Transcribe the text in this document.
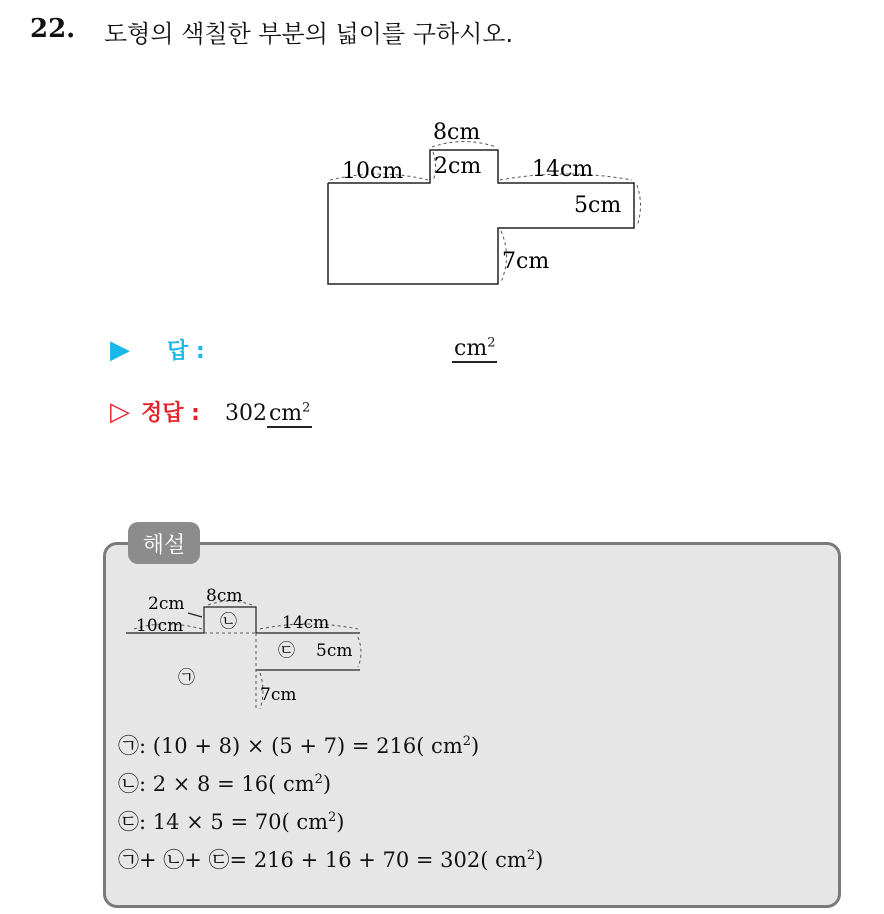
22. 도형의 색칠한 부분의 넓이를 구하시오.
8cm
2cm
10cm	14cm
5cm
7cm
▶ 답 :	$cm^2$
▷ 정답 : $302cm^2$
해설
2cm 8cm
10cm	14cm
5cm
7cm
㉡
㉢
㉠
㉠: (10 + 8) × (5 + 7) = 216( $cm^2$)
㉡: 2 × 8 = 16( $cm^2$)
㉢: 14 × 5 = 70( $cm^2$)
㉠+ ㉡+ ㉢= 216 + 16 + 70 = 302( $cm^2$)
